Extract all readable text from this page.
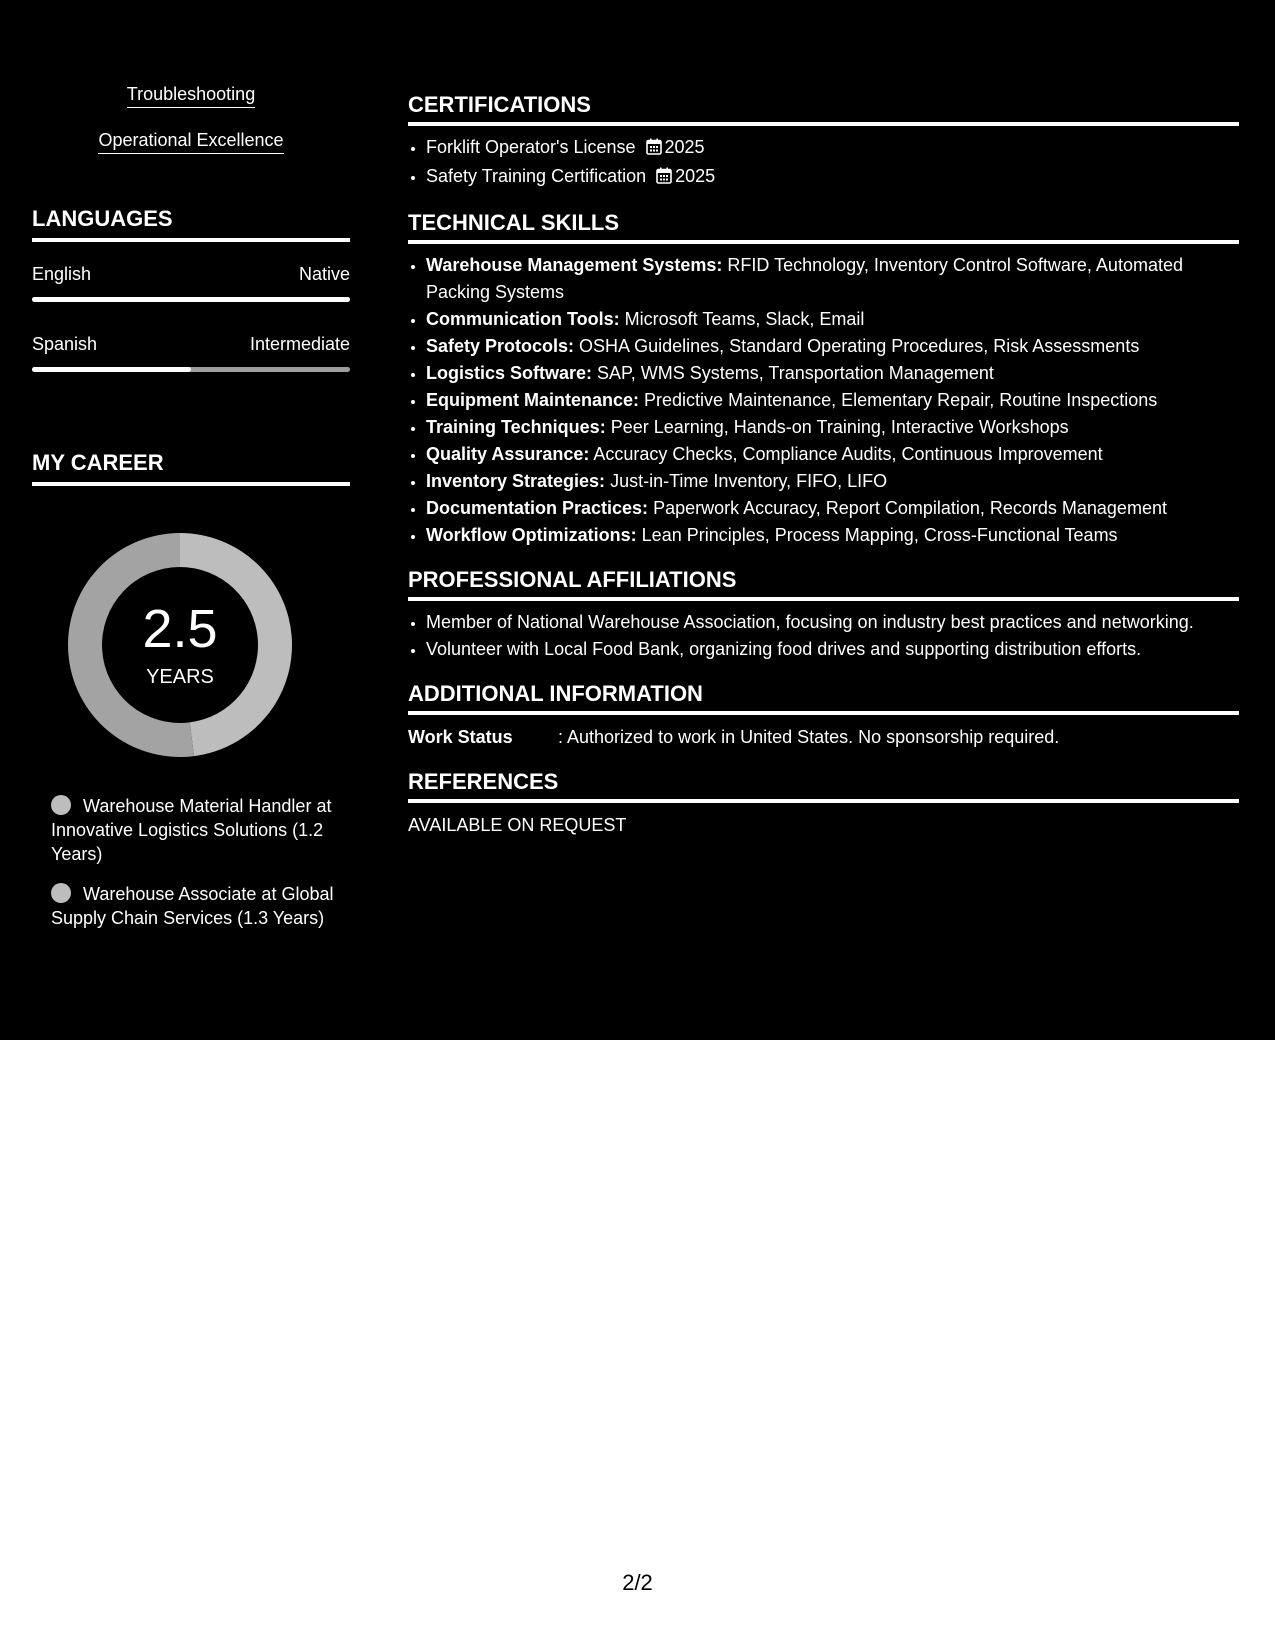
Troubleshooting
Operational Excellence
LANGUAGES
English	Native
Spanish	Intermediate
MY CAREER
2.5
YEARS
Warehouse Material Handler at Innovative Logistics Solutions (1.2 Years)
Warehouse Associate at Global Supply Chain Services (1.3 Years)
CERTIFICATIONS
• Forklift Operator's License 2025
• Safety Training Certification 2025
TECHNICAL SKILLS
• Warehouse Management Systems: RFID Technology, Inventory Control Software, Automated Packing Systems
• Communication Tools: Microsoft Teams, Slack, Email
• Safety Protocols: OSHA Guidelines, Standard Operating Procedures, Risk Assessments
• Logistics Software: SAP, WMS Systems, Transportation Management
• Equipment Maintenance: Predictive Maintenance, Elementary Repair, Routine Inspections
• Training Techniques: Peer Learning, Hands-on Training, Interactive Workshops
• Quality Assurance: Accuracy Checks, Compliance Audits, Continuous Improvement
• Inventory Strategies: Just-in-Time Inventory, FIFO, LIFO
• Documentation Practices: Paperwork Accuracy, Report Compilation, Records Management
• Workflow Optimizations: Lean Principles, Process Mapping, Cross-Functional Teams
PROFESSIONAL AFFILIATIONS
• Member of National Warehouse Association, focusing on industry best practices and networking.
• Volunteer with Local Food Bank, organizing food drives and supporting distribution efforts.
ADDITIONAL INFORMATION
Work Status	: Authorized to work in United States. No sponsorship required.
REFERENCES

AVAILABLE ON REQUEST

2/2
